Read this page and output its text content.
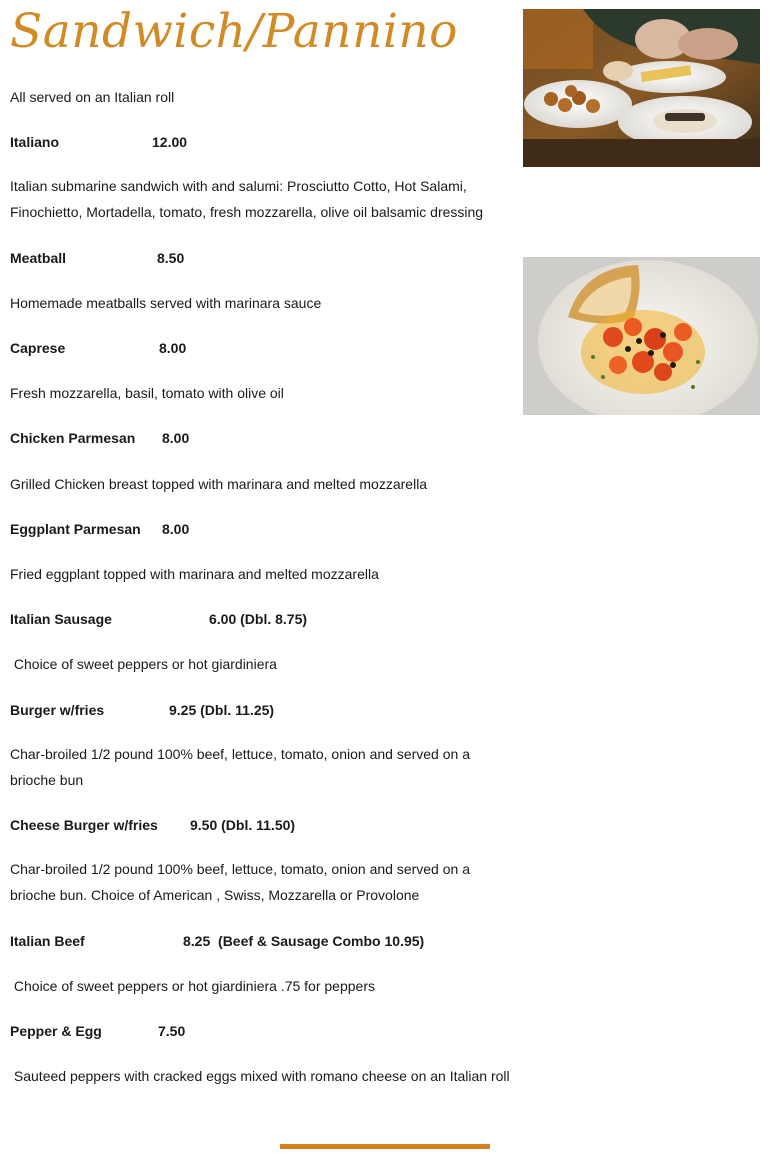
Sandwich/Pannino
All served on an Italian roll
Italiano	12.00
Italian submarine sandwich with and salumi: Prosciutto Cotto, Hot Salami,
Finochietto, Mortadella, tomato, fresh mozzarella, olive oil balsamic dressing
Meatball	8.50
Homemade meatballs served with marinara sauce
Caprese	8.00
Fresh mozzarella, basil, tomato with olive oil
Chicken Parmesan 8.00
Grilled Chicken breast topped with marinara and melted mozzarella
Eggplant Parmesan 8.00
Fried eggplant topped with marinara and melted mozzarella
Italian Sausage	6.00 (Dbl. 8.75)
Choice of sweet peppers or hot giardiniera
Burger w/fries	9.25 (Dbl. 11.25)
Char-broiled 1/2 pound 100% beef, lettuce, tomato, onion and served on a
brioche bun
Cheese Burger w/fries 9.50 (Dbl. 11.50)
Char-broiled 1/2 pound 100% beef, lettuce, tomato, onion and served on a
brioche bun. Choice of American , Swiss, Mozzarella or Provolone
Italian Beef	8.25  (Beef & Sausage Combo 10.95)
Choice of sweet peppers or hot giardiniera .75 for peppers
Pepper & Egg	7.50
Sauteed peppers with cracked eggs mixed with romano cheese on an Italian roll
